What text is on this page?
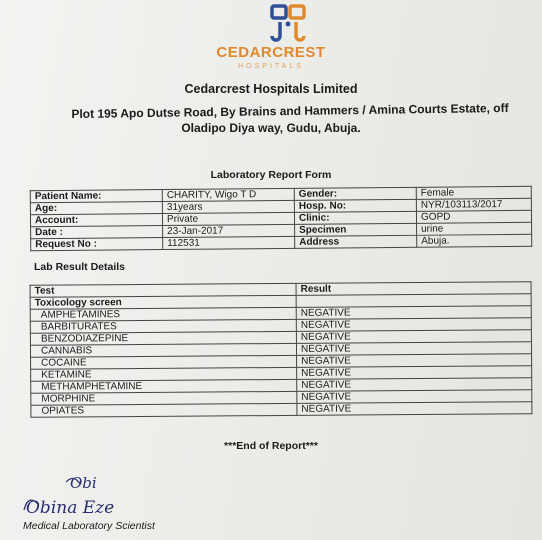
CEDARCREST
HOSPITALS
Cedarcrest Hospitals Limited
Plot 195 Apo Dutse Road, By Brains and Hammers / Amina Courts Estate, off
Oladipo Diya way, Gudu, Abuja.
Laboratory Report Form
Patient Name:	CHARITY, Wigo T D	Gender:	Female
Age:	31years	Hosp. No:	NYR/103113/2017
Account:	Private	Clinic:	GOPD
Date :	23-Jan-2017	Specimen	urine
Request No :	112531	Address	Abuja.
Lab Result Details
Test	Result
Toxicology screen	
AMPHETAMINES	NEGATIVE
BARBITURATES	NEGATIVE
BENZODIAZEPINE	NEGATIVE
CANNABIS	NEGATIVE
COCAINE	NEGATIVE
KETAMINE	NEGATIVE
METHAMPHETAMINE	NEGATIVE
MORPHINE	NEGATIVE
OPIATES	NEGATIVE
***End of Report***
Obi
Obina Eze
Medical Laboratory Scientist
